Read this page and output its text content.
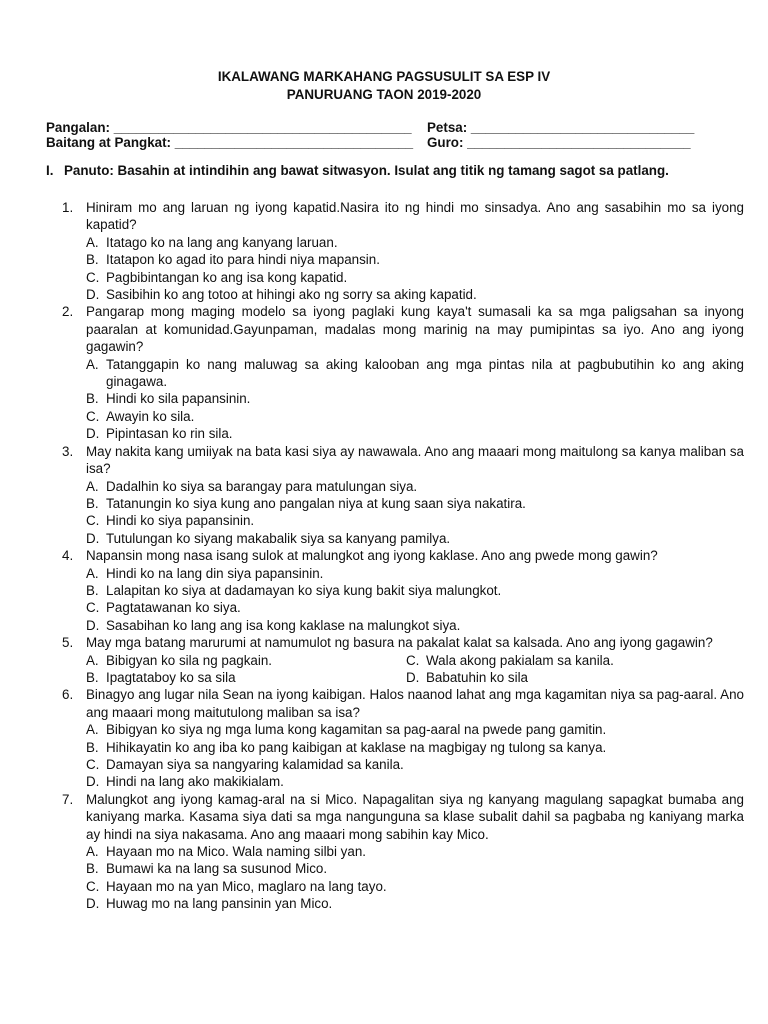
IKALAWANG MARKAHANG PAGSUSULIT SA ESP IV
PANURUANG TAON 2019-2020
Pangalan: ________________________________________
Baitang at Pangkat: ________________________________
Petsa: ______________________________
Guro: ______________________________
I. Panuto: Basahin at intindihin ang bawat sitwasyon. Isulat ang titik ng tamang sagot sa patlang.
1. Hiniram mo ang laruan ng iyong kapatid.Nasira ito ng hindi mo sinsadya. Ano ang sasabihin mo sa iyong kapatid?
A. Itatago ko na lang ang kanyang laruan.
B. Itatapon ko agad ito para hindi niya mapansin.
C. Pagbibintangan ko ang isa kong kapatid.
D. Sasibihin ko ang totoo at hihingi ako ng sorry sa aking kapatid.
2. Pangarap mong maging modelo sa iyong paglaki kung kaya't sumasali ka sa mga paligsahan sa inyong paaralan at komunidad.Gayunpaman, madalas mong marinig na may pumipintas sa iyo. Ano ang iyong gagawin?
A. Tatanggapin ko nang maluwag sa aking kalooban ang mga pintas nila at pagbubutihin ko ang aking ginagawa.
B. Hindi ko sila papansinin.
C. Awayin ko sila.
D. Pipintasan ko rin sila.
3. May nakita kang umiiyak na bata kasi siya ay nawawala. Ano ang maaari mong maitulong sa kanya maliban sa isa?
A. Dadalhin ko siya sa barangay para matulungan siya.
B. Tatanungin ko siya kung ano pangalan niya at kung saan siya nakatira.
C. Hindi ko siya papansinin.
D. Tutulungan ko siyang makabalik siya sa kanyang pamilya.
4. Napansin mong nasa isang sulok at malungkot ang iyong kaklase. Ano ang pwede mong gawin?
A. Hindi ko na lang din siya papansinin.
B. Lalapitan ko siya at dadamayan ko siya kung bakit siya malungkot.
C. Pagtatawanan ko siya.
D. Sasabihan ko lang ang isa kong kaklase na malungkot siya.
5. May mga batang marurumi at namumulot ng basura na pakalat kalat sa kalsada. Ano ang iyong gagawin?
A. Bibigyan ko sila ng pagkain.	C. Wala akong pakialam sa kanila.
B. Ipagtataboy ko sa sila	D. Babatuhin ko sila
6. Binagyo ang lugar nila Sean na iyong kaibigan. Halos naanod lahat ang mga kagamitan niya sa pag-aaral. Ano ang maaari mong maitutulong maliban sa isa?
A. Bibigyan ko siya ng mga luma kong kagamitan sa pag-aaral na pwede pang gamitin.
B. Hihikayatin ko ang iba ko pang kaibigan at kaklase na magbigay ng tulong sa kanya.
C. Damayan siya sa nangyaring kalamidad sa kanila.
D. Hindi na lang ako makikialam.
7. Malungkot ang iyong kamag-aral na si Mico. Napagalitan siya ng kanyang magulang sapagkat bumaba ang kaniyang marka. Kasama siya dati sa mga nangunguna sa klase subalit dahil sa pagbaba ng kaniyang marka ay hindi na siya nakasama. Ano ang maaari mong sabihin kay Mico.
A. Hayaan mo na Mico. Wala naming silbi yan.
B. Bumawi ka na lang sa susunod Mico.
C. Hayaan mo na yan Mico, maglaro na lang tayo.
D. Huwag mo na lang pansinin yan Mico.
